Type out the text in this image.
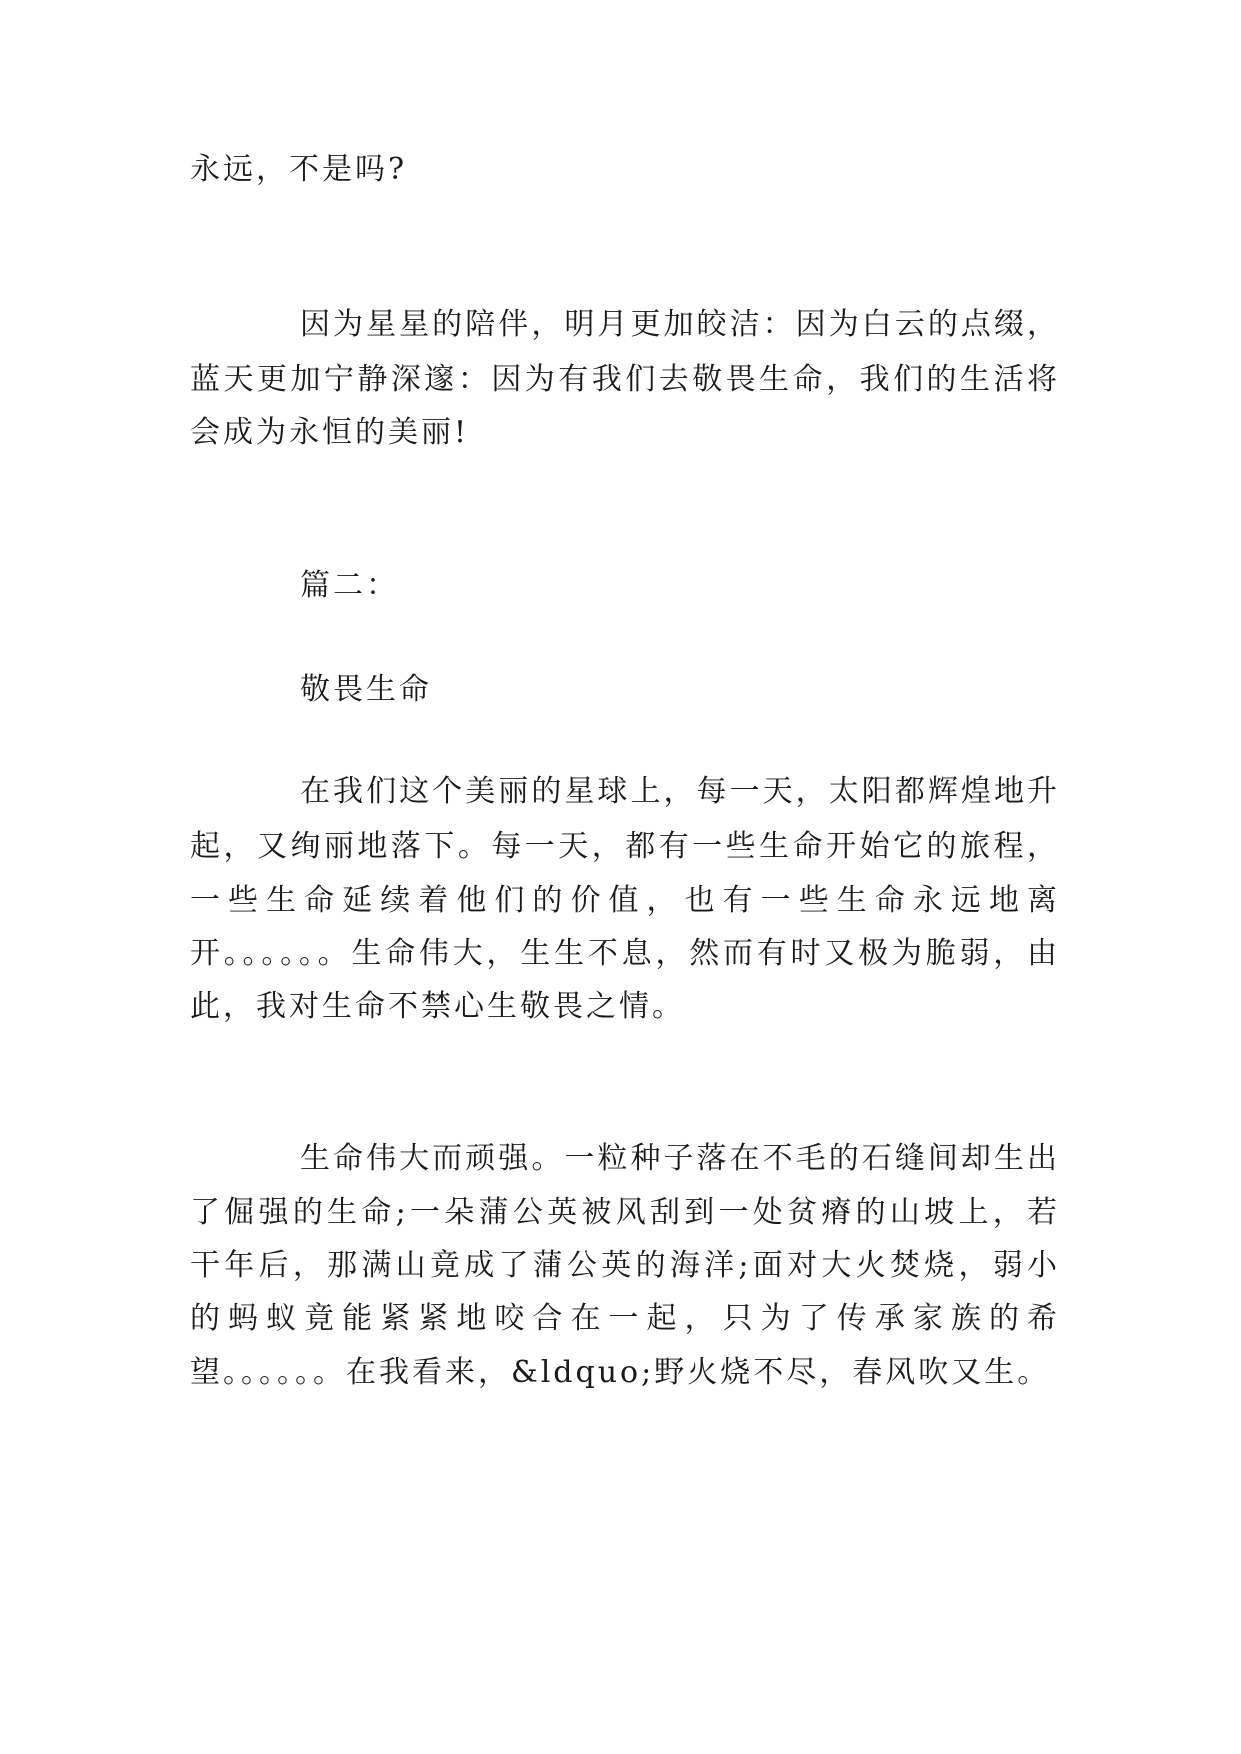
永远，不是吗?
因为星星的陪伴，明月更加皎洁：因为白云的点缀，
蓝天更加宁静深邃：因为有我们去敬畏生命，我们的生活将
会成为永恒的美丽!
篇二：
敬畏生命
在我们这个美丽的星球上，每一天，太阳都辉煌地升
起，又绚丽地落下。每一天，都有一些生命开始它的旅程，
一些生命延续着他们的价值，也有一些生命永远地离
开。。。。。。生命伟大，生生不息，然而有时又极为脆弱，由
此，我对生命不禁心生敬畏之情。
生命伟大而顽强。一粒种子落在不毛的石缝间却生出
了倔强的生命;一朵蒲公英被风刮到一处贫瘠的山坡上，若
干年后，那满山竟成了蒲公英的海洋;面对大火焚烧，弱小
的蚂蚁竟能紧紧地咬合在一起，只为了传承家族的希
望。。。。。。在我看来，&ldquo;野火烧不尽，春风吹又生。
